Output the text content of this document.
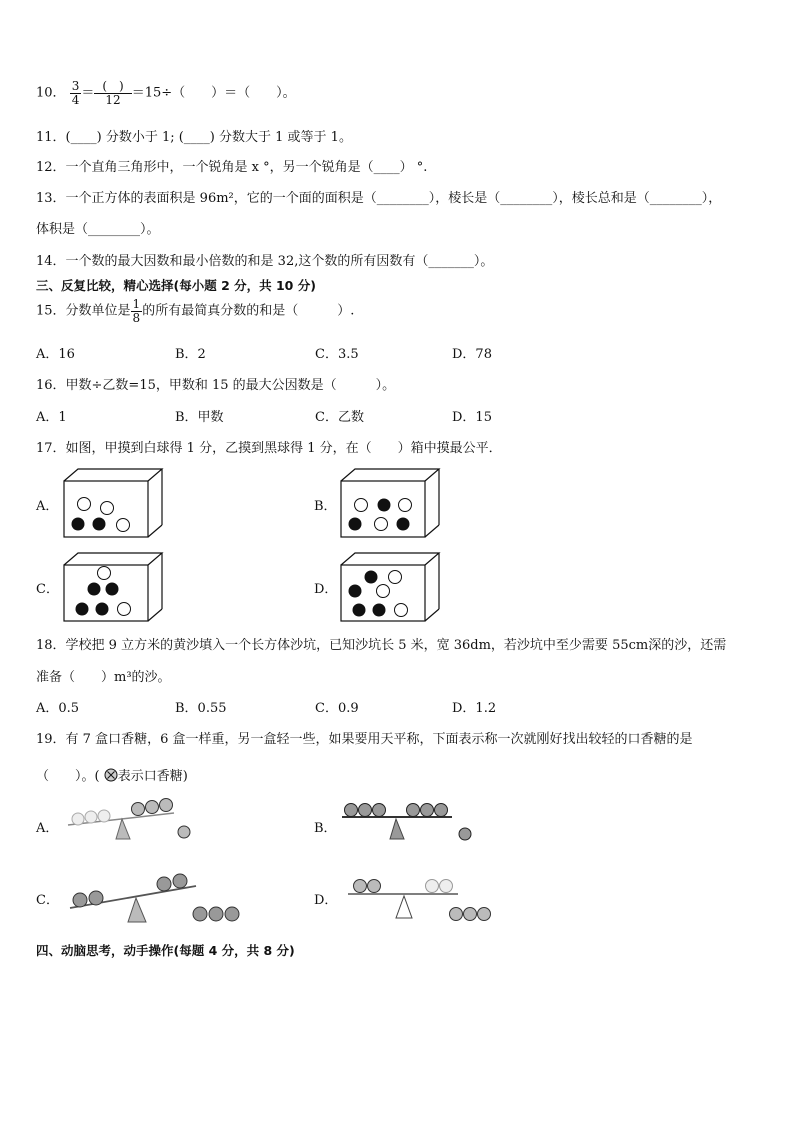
10． $\frac{3}{4} = \frac{( )}{12} =15\div$（　　）＝（　　）。
11．(____) 分数小于 1; (____) 分数大于 1 或等于 1。
12．一个直角三角形中，一个锐角是 x °，另一个锐角是（____） °.
13．一个正方体的表面积是 96m²，它的一个面的面积是（________），棱长是（________），棱长总和是（________），
体积是（________）。
14．一个数的最大因数和最小倍数的和是 32,这个数的所有因数有（_______）。
三、反复比较，精心选择(每小题 2 分，共 10 分)
15．分数单位是 $\frac{1}{8}$ 的所有最简真分数的和是（　　　）.
A．16	B．2	C．3.5	D．78
16．甲数÷乙数=15，甲数和 15 的最大公因数是（　　　）。
A．1	B．甲数	C．乙数	D．15
17．如图，甲摸到白球得 1 分，乙摸到黑球得 1 分，在（　　）箱中摸最公平．
A．	B．
C．	D．
18．学校把 9 立方米的黄沙填入一个长方体沙坑，已知沙坑长 5 米，宽 36dm，若沙坑中至少需要 55cm深的沙，还需
准备（　　）m³的沙。
A．0.5	B．0.55	C．0.9	D．1.2
19．有 7 盒口香糖，6 盒一样重，另一盒轻一些，如果要用天平称，下面表示称一次就刚好找出较轻的口香糖的是
（　　）。( 表示口香糖)
A．	B．
C．	D．
四、动脑思考，动手操作(每题 4 分，共 8 分)
